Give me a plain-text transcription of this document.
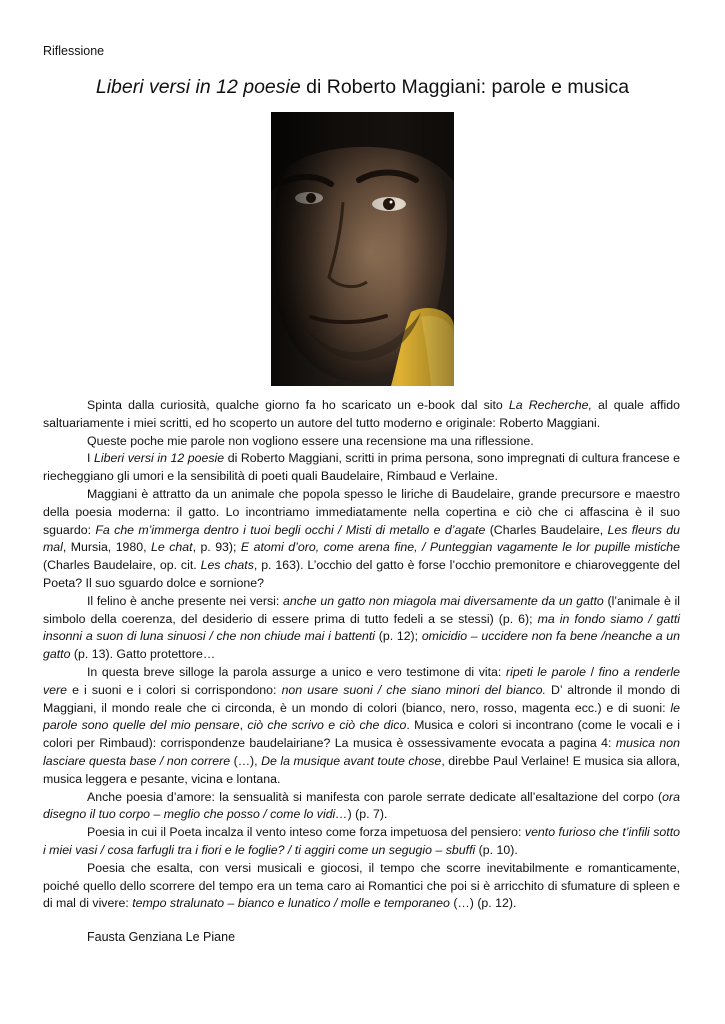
Riflessione
Liberi versi in 12 poesie di Roberto Maggiani: parole e musica

Spinta dalla curiosità, qualche giorno fa ho scaricato un e-book dal sito La Recherche, al quale affido saltuariamente i miei scritti, ed ho scoperto un autore del tutto moderno e originale: Roberto Maggiani.

Queste poche mie parole non vogliono essere una recensione ma una riflessione.

I Liberi versi in 12 poesie di Roberto Maggiani, scritti in prima persona, sono impregnati di cultura francese e riecheggiano gli umori e la sensibilità di poeti quali Baudelaire, Rimbaud e Verlaine.

Maggiani è attratto da un animale che popola spesso le liriche di Baudelaire, grande precursore e maestro della poesia moderna: il gatto. Lo incontriamo immediatamente nella copertina e ciò che ci affascina è il suo sguardo: Fa che m’immerga dentro i tuoi begli occhi / Misti di metallo e d’agate (Charles Baudelaire, Les fleurs du mal, Mursia, 1980, Le chat, p. 93); E atomi d’oro, come arena fine, / Punteggian vagamente le lor pupille mistiche (Charles Baudelaire, op. cit. Les chats, p. 163). L’occhio del gatto è forse l’occhio premonitore e chiaroveggente del Poeta? Il suo sguardo dolce e sornione?

Il felino è anche presente nei versi: anche un gatto non miagola mai diversamente da un gatto (l’animale è il simbolo della coerenza, del desiderio di essere prima di tutto fedeli a se stessi) (p. 6); ma in fondo siamo / gatti insonni a suon di luna sinuosi / che non chiude mai i battenti (p. 12); omicidio – uccidere non fa bene /neanche a un gatto (p. 13). Gatto protettore…

In questa breve silloge la parola assurge a unico e vero testimone di vita: ripeti le parole / fino a renderle vere e i suoni e i colori si corrispondono: non usare suoni / che siano minori del bianco. D’ altronde il mondo di Maggiani, il mondo reale che ci circonda, è un mondo di colori (bianco, nero, rosso, magenta ecc.) e di suoni: le parole sono quelle del mio pensare, ciò che scrivo e ciò che dico. Musica e colori si incontrano (come le vocali e i colori per Rimbaud): corrispondenze baudelairiane? La musica è ossessivamente evocata a pagina 4: musica non lasciare questa base / non correre (…), De la musique avant toute chose, direbbe Paul Verlaine! E musica sia allora, musica leggera e pesante, vicina e lontana.

Anche poesia d’amore: la sensualità si manifesta con parole serrate dedicate all’esaltazione del corpo (ora disegno il tuo corpo – meglio che posso / come lo vidi…) (p. 7).

Poesia in cui il Poeta incalza il vento inteso come forza impetuosa del pensiero: vento furioso che t’infili sotto i miei vasi / cosa farfugli tra i fiori e le foglie? / ti aggiri come un segugio – sbuffi (p. 10).

Poesia che esalta, con versi musicali e giocosi, il tempo che scorre inevitabilmente e romanticamente, poiché quello dello scorrere del tempo era un tema caro ai Romantici che poi si è arricchito di sfumature di spleen e di mal di vivere: tempo stralunato – bianco e lunatico / molle e temporaneo (…) (p. 12).

Fausta Genziana Le Piane
